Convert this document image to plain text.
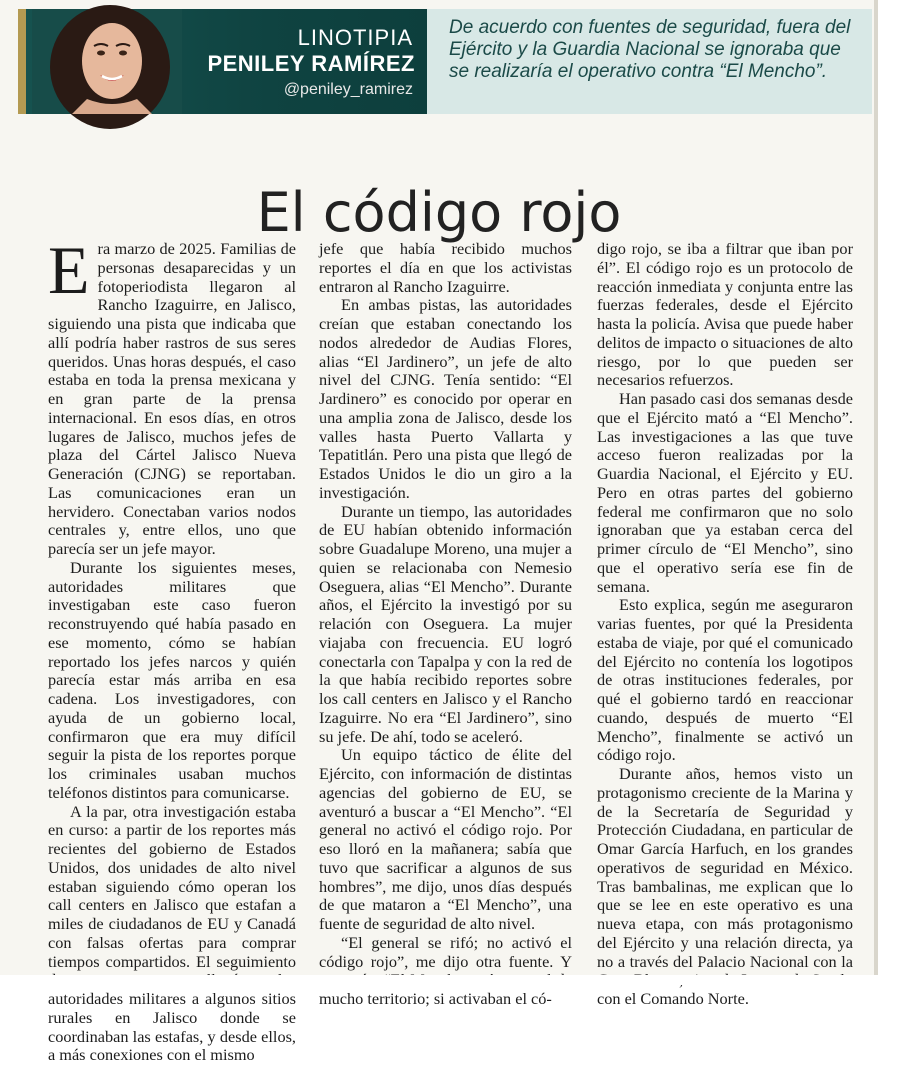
LINOTIPIA
PENILEY RAMÍREZ
@peniley_ramirez
De acuerdo con fuentes de seguridad, fuera del Ejército y la Guardia Nacional se ignoraba que se realizaría el operativo contra “El Mencho”.
El código rojo

Era marzo de 2025. Familias de personas desaparecidas y un fotoperiodista llegaron al Rancho Izaguirre, en Jalisco, siguiendo una pista que indicaba que allí podría haber rastros de sus seres queridos. Unas horas después, el caso estaba en toda la prensa mexicana y en gran parte de la prensa internacional. En esos días, en otros lugares de Jalisco, muchos jefes de plaza del Cártel Jalisco Nueva Generación (CJNG) se reportaban. Las comunicaciones eran un hervidero. Conectaban varios nodos centrales y, entre ellos, uno que parecía ser un jefe mayor.

Durante los siguientes meses, autoridades militares que investigaban este caso fueron reconstruyendo qué había pasado en ese momento, cómo se habían reportado los jefes narcos y quién parecía estar más arriba en esa cadena. Los investigadores, con ayuda de un gobierno local, confirmaron que era muy difícil seguir la pista de los reportes porque los criminales usaban muchos teléfonos distintos para comunicarse.

A la par, otra investigación estaba en curso: a partir de los reportes más recientes del gobierno de Estados Unidos, dos unidades de alto nivel estaban siguiendo cómo operan los call centers en Jalisco que estafan a miles de ciudadanos de EU y Canadá con falsas ofertas para comprar tiempos compartidos. El seguimiento autoridades militares a algunos sitios rurales en Jalisco donde se coordinaban las estafas, y desde ellos, a más conexiones con el mismo

jefe que había recibido muchos reportes el día en que los activistas entraron al Rancho Izaguirre.

En ambas pistas, las autoridades creían que estaban conectando los nodos alrededor de Audias Flores, alias “El Jardinero”, un jefe de alto nivel del CJNG. Tenía sentido: “El Jardinero” es conocido por operar en una amplia zona de Jalisco, desde los valles hasta Puerto Vallarta y Tepatitlán. Pero una pista que llegó de Estados Unidos le dio un giro a la investigación.

Durante un tiempo, las autoridades de EU habían obtenido información sobre Guadalupe Moreno, una mujer a quien se relacionaba con Nemesio Oseguera, alias “El Mencho”. Durante años, el Ejército la investigó por su relación con Oseguera. La mujer viajaba con frecuencia. EU logró conectarla con Tapalpa y con la red de la que había recibido reportes sobre los call centers en Jalisco y el Rancho Izaguirre. No era “El Jardinero”, sino su jefe. De ahí, todo se aceleró.

Un equipo táctico de élite del Ejército, con información de distintas agencias del gobierno de EU, se aventuró a buscar a “El Mencho”. “El general no activó el código rojo. Por eso lloró en la mañanera; sabía que tuvo que sacrificar a algunos de sus hombres”, me dijo, unos días después de que mataron a “El Mencho”, una fuente de seguridad de alto nivel.

“El general se rifó; no activó el código rojo”, me dijo otra fuente. Y mucho territorio; si activaban el có-

digo rojo, se iba a filtrar que iban por él”. El código rojo es un protocolo de reacción inmediata y conjunta entre las fuerzas federales, desde el Ejército hasta la policía. Avisa que puede haber delitos de impacto o situaciones de alto riesgo, por lo que pueden ser necesarios refuerzos.

Han pasado casi dos semanas desde que el Ejército mató a “El Mencho”. Las investigaciones a las que tuve acceso fueron realizadas por la Guardia Nacional, el Ejército y EU. Pero en otras partes del gobierno federal me confirmaron que no solo ignoraban que ya estaban cerca del primer círculo de “El Mencho”, sino que el operativo sería ese fin de semana.

Esto explica, según me aseguraron varias fuentes, por qué la Presidenta estaba de viaje, por qué el comunicado del Ejército no contenía los logotipos de otras instituciones federales, por qué el gobierno tardó en reaccionar cuando, después de muerto “El Mencho”, finalmente se activó un código rojo.

Durante años, hemos visto un protagonismo creciente de la Marina y de la Secretaría de Seguridad y Protección Ciudadana, en particular de Omar García Harfuch, en los grandes operativos de seguridad en México. Tras bambalinas, me explican que lo que se lee en este operativo es una nueva etapa, con más protagonismo del Ejército y una relación directa, ya no a través del Palacio Nacional con la con el Comando Norte.
